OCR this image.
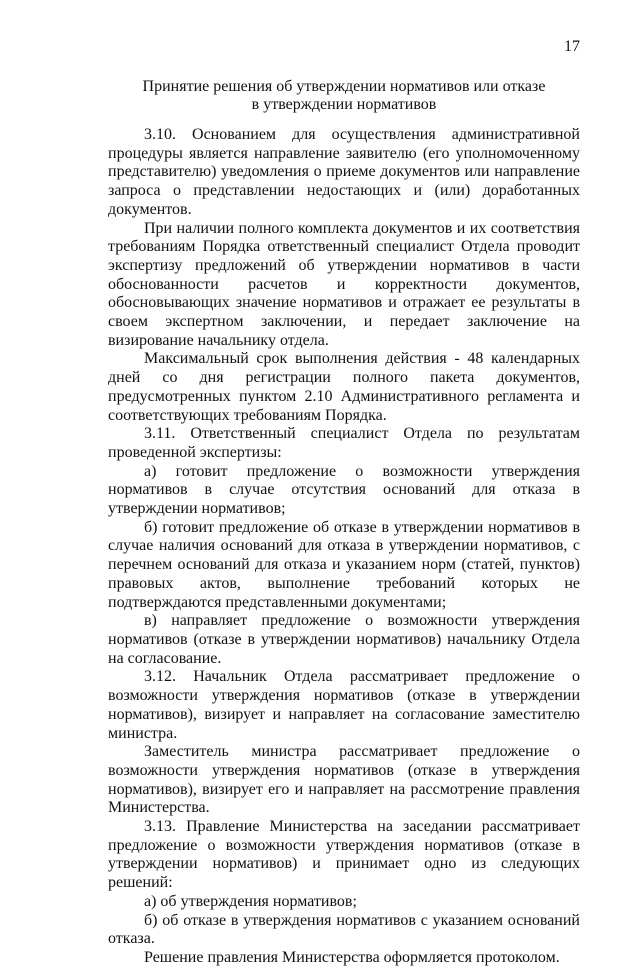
17
Принятие решения об утверждении нормативов или отказе
в утверждении нормативов

3.10. Основанием для осуществления административной процедуры является направление заявителю (его уполномоченному представителю) уведомления о приеме документов или направление запроса о представлении недостающих и (или) доработанных документов.

При наличии полного комплекта документов и их соответствия требованиям Порядка ответственный специалист Отдела проводит экспертизу предложений об утверждении нормативов в части обоснованности расчетов и корректности документов, обосновывающих значение нормативов и отражает ее результаты в своем экспертном заключении, и передает заключение на визирование начальнику отдела.

Максимальный срок выполнения действия - 48 календарных дней со дня регистрации полного пакета документов, предусмотренных пунктом 2.10 Административного регламента и соответствующих требованиям Порядка.

3.11. Ответственный специалист Отдела по результатам проведенной экспертизы:

а) готовит предложение о возможности утверждения нормативов в случае отсутствия оснований для отказа в утверждении нормативов;

б) готовит предложение об отказе в утверждении нормативов в случае наличия оснований для отказа в утверждении нормативов, с перечнем оснований для отказа и указанием норм (статей, пунктов) правовых актов, выполнение требований которых не подтверждаются представленными документами;

в) направляет предложение о возможности утверждения нормативов (отказе в утверждении нормативов) начальнику Отдела на согласование.

3.12. Начальник Отдела рассматривает предложение о возможности утверждения нормативов (отказе в утверждении нормативов), визирует и направляет на согласование заместителю министра.

Заместитель министра рассматривает предложение о возможности утверждения нормативов (отказе в утверждения нормативов), визирует его и направляет на рассмотрение правления Министерства.

3.13. Правление Министерства на заседании рассматривает предложение о возможности утверждения нормативов (отказе в утверждении нормативов) и принимает одно из следующих решений:

а) об утверждения нормативов;

б) об отказе в утверждения нормативов с указанием оснований отказа.

Решение правления Министерства оформляется протоколом.
